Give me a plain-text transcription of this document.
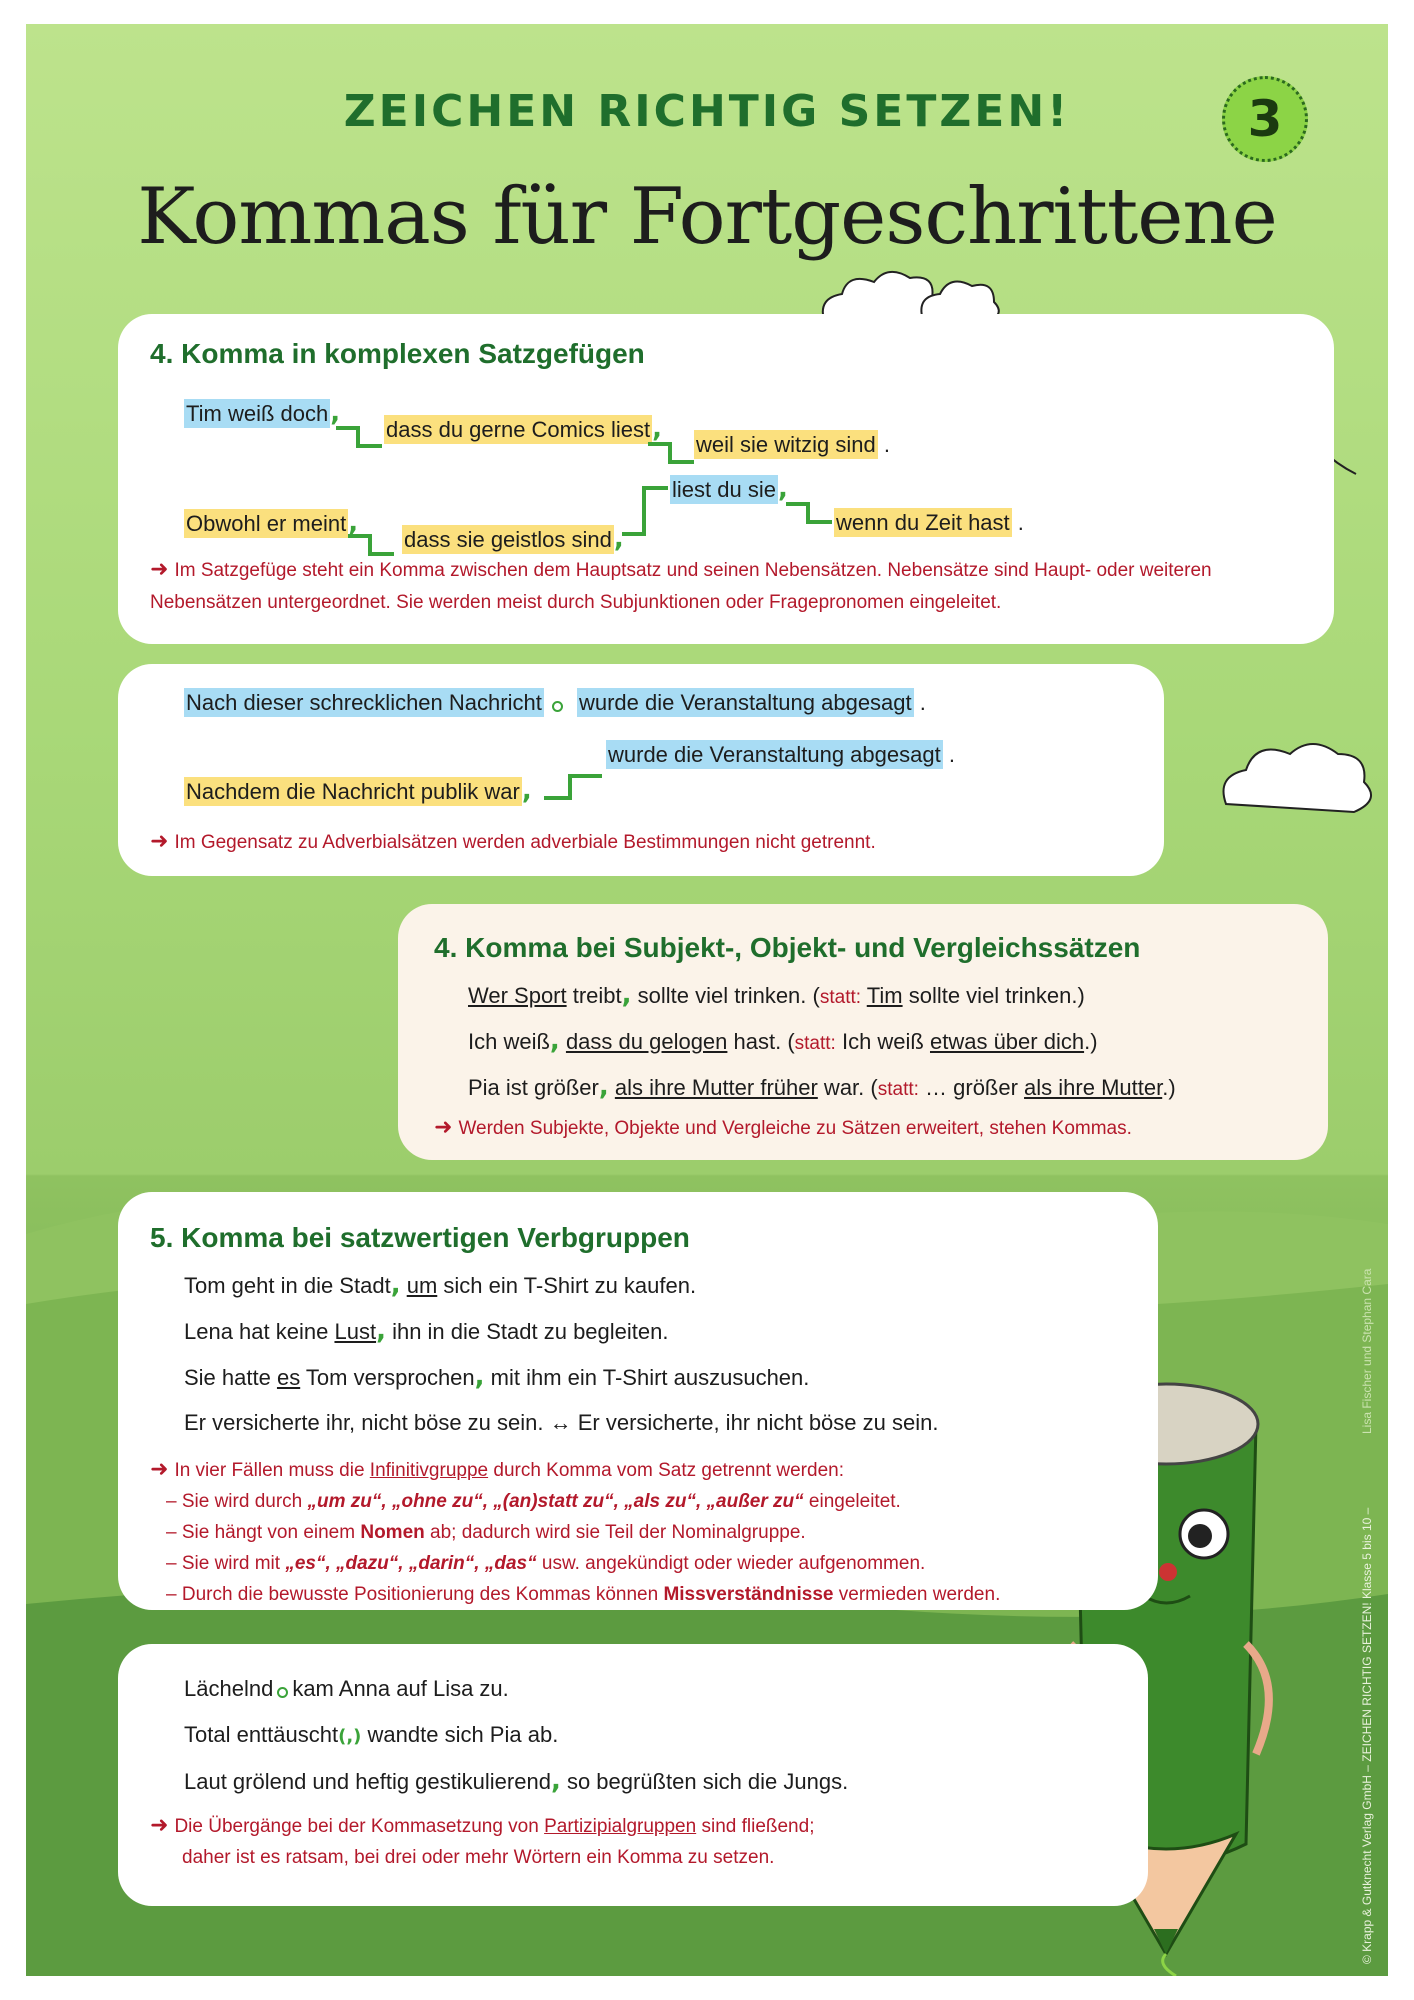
ZEICHEN RICHTIG SETZEN!	3
Kommas für Fortgeschrittene
4. Komma in komplexen Satzgefügen
Tim weiß doch,
dass du gerne Comics liest,
weil sie witzig sind .
Obwohl er meint,
dass sie geistlos sind,
liest du sie,
wenn du Zeit hast .
➜ Im Satzgefüge steht ein Komma zwischen dem Hauptsatz und seinen Nebensätzen. Nebensätze sind Haupt- oder weiteren Nebensätzen untergeordnet. Sie werden meist durch Subjunktionen oder Fragepronomen eingeleitet.
Nach dieser schrecklichen Nachricht wurde die Veranstaltung abgesagt .
wurde die Veranstaltung abgesagt .
Nachdem die Nachricht publik war,
➜ Im Gegensatz zu Adverbialsätzen werden adverbiale Bestimmungen nicht getrennt.
4. Komma bei Subjekt-, Objekt- und Vergleichssätzen
Wer Sport treibt, sollte viel trinken. (statt: Tim sollte viel trinken.)
Ich weiß, dass du gelogen hast. (statt: Ich weiß etwas über dich.)
Pia ist größer, als ihre Mutter früher war. (statt: … größer als ihre Mutter.)
➜ Werden Subjekte, Objekte und Vergleiche zu Sätzen erweitert, stehen Kommas.
5. Komma bei satzwertigen Verbgruppen
Tom geht in die Stadt, um sich ein T-Shirt zu kaufen.
Lena hat keine Lust, ihn in die Stadt zu begleiten.
Sie hatte es Tom versprochen, mit ihm ein T-Shirt auszusuchen.
Er versicherte ihr, nicht böse zu sein. ↔ Er versicherte, ihr nicht böse zu sein.
➜ In vier Fällen muss die Infinitivgruppe durch Komma vom Satz getrennt werden:
– Sie wird durch „um zu“, „ohne zu“, „(an)statt zu“, „als zu“, „außer zu“ eingeleitet.
– Sie hängt von einem Nomen ab; dadurch wird sie Teil der Nominalgruppe.
– Sie wird mit „es“, „dazu“, „darin“, „das“ usw. angekündigt oder wieder aufgenommen.
– Durch die bewusste Positionierung des Kommas können Missverständnisse vermieden werden.
Lächelnd kam Anna auf Lisa zu.
Total enttäuscht(,) wandte sich Pia ab.
Laut grölend und heftig gestikulierend, so begrüßten sich die Jungs.
➜ Die Übergänge bei der Kommasetzung von Partizipialgruppen sind fließend;
daher ist es ratsam, bei drei oder mehr Wörtern ein Komma zu setzen.
Lisa Fischer und Stephan Cara
© Krapp & Gutknecht Verlag GmbH – ZEICHEN RICHTIG SETZEN! Klasse 5 bis 10 –
